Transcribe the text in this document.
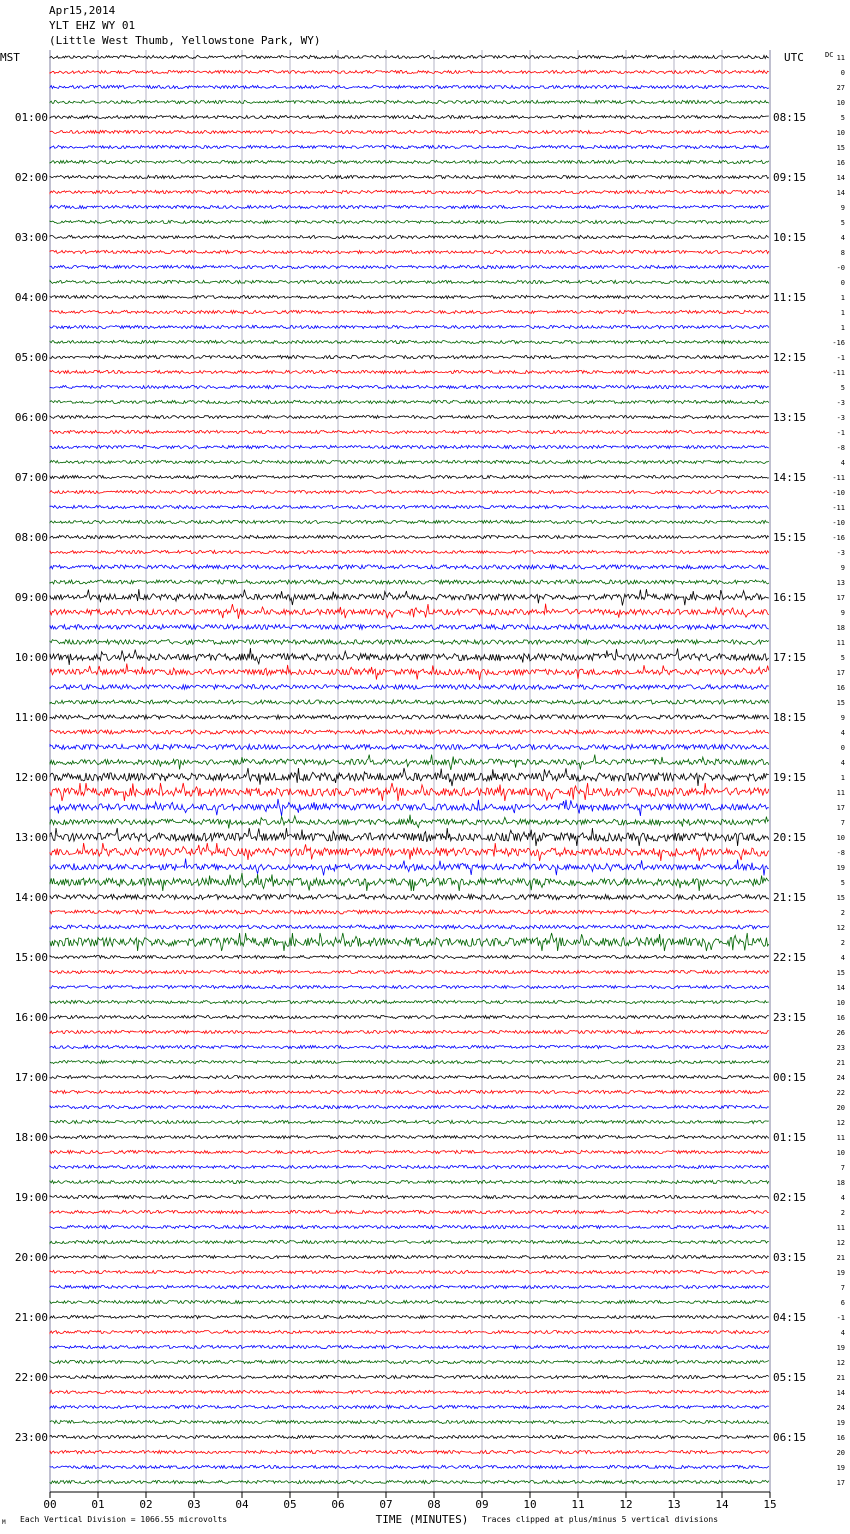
Apr15,2014
YLT EHZ WY 01
(Little West Thumb, Yellowstone Park, WY)
01:00
02:00
03:00
04:00
05:00
06:00
07:00
08:00
09:00
10:00
11:00
12:00
13:00
14:00
15:00
16:00
17:00
18:00
19:00
20:00
21:00
22:00
23:00
08:15
09:15
10:15
11:15
12:15
13:15
14:15
15:15
16:15
17:15
18:15
19:15
20:15
21:15
22:15
23:15
00:15
01:15
02:15
03:15
04:15
05:15
06:15
11
0
27
10
5
10
15
16
14
14
9
5
4
8
-0
0
1
1
1
-16
-1
-11
5
-3
-3
-1
-8
4
-11
-10
-11
-10
-16
-3
9
13
17
9
18
11
5
17
16
15
9
4
0
4
1
11
17
7
10
-8
19
5
15
2
12
2
4
15
14
10
16
26
23
21
24
22
20
12
11
10
7
18
4
2
11
12
21
19
7
6
-1
4
19
12
21
14
24
19
16
20
19
17
00	01	02	03	04	05	06	07	08	09	10	11	12	13	14	15
MST	UTC	DC
TIME (MINUTES)
Each Vertical Division = 1066.55 microvolts	Traces clipped at plus/minus 5 vertical divisions
M
